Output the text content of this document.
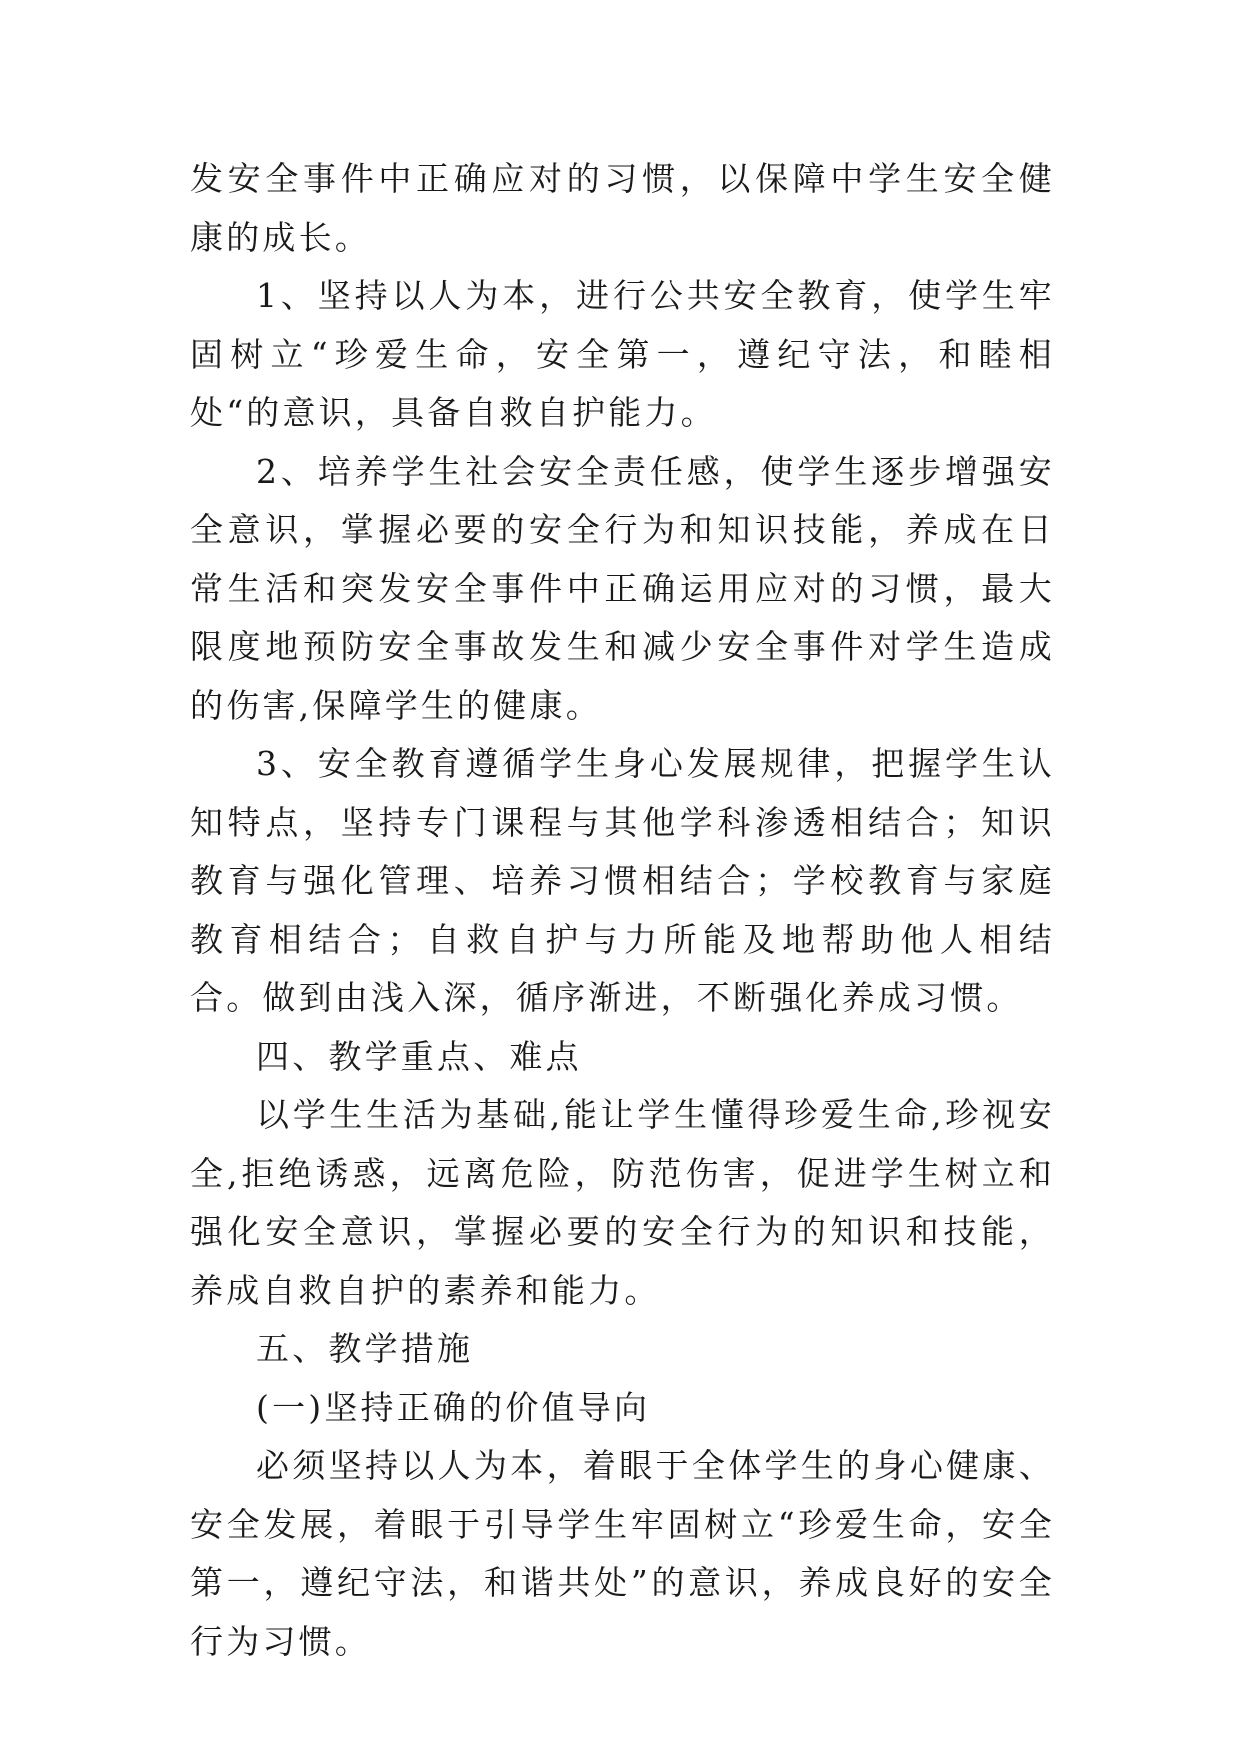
发安全事件中正确应对的习惯，以保障中学生安全健康的成长。

1、坚持以人为本，进行公共安全教育，使学生牢固树立“珍爱生命，安全第一，遵纪守法，和睦相处“的意识，具备自救自护能力。

2、培养学生社会安全责任感，使学生逐步增强安全意识，掌握必要的安全行为和知识技能，养成在日常生活和突发安全事件中正确运用应对的习惯，最大限度地预防安全事故发生和减少安全事件对学生造成的伤害,保障学生的健康。

3、安全教育遵循学生身心发展规律，把握学生认知特点，坚持专门课程与其他学科渗透相结合；知识教育与强化管理、培养习惯相结合；学校教育与家庭教育相结合；自救自护与力所能及地帮助他人相结合。做到由浅入深，循序渐进，不断强化养成习惯。

四、教学重点、难点

以学生生活为基础,能让学生懂得珍爱生命,珍视安全,拒绝诱惑，远离危险，防范伤害，促进学生树立和强化安全意识，掌握必要的安全行为的知识和技能，养成自救自护的素养和能力。

五、教学措施

(一)坚持正确的价值导向

必须坚持以人为本，着眼于全体学生的身心健康、安全发展，着眼于引导学生牢固树立“珍爱生命，安全第一，遵纪守法，和谐共处”的意识，养成良好的安全行为习惯。
